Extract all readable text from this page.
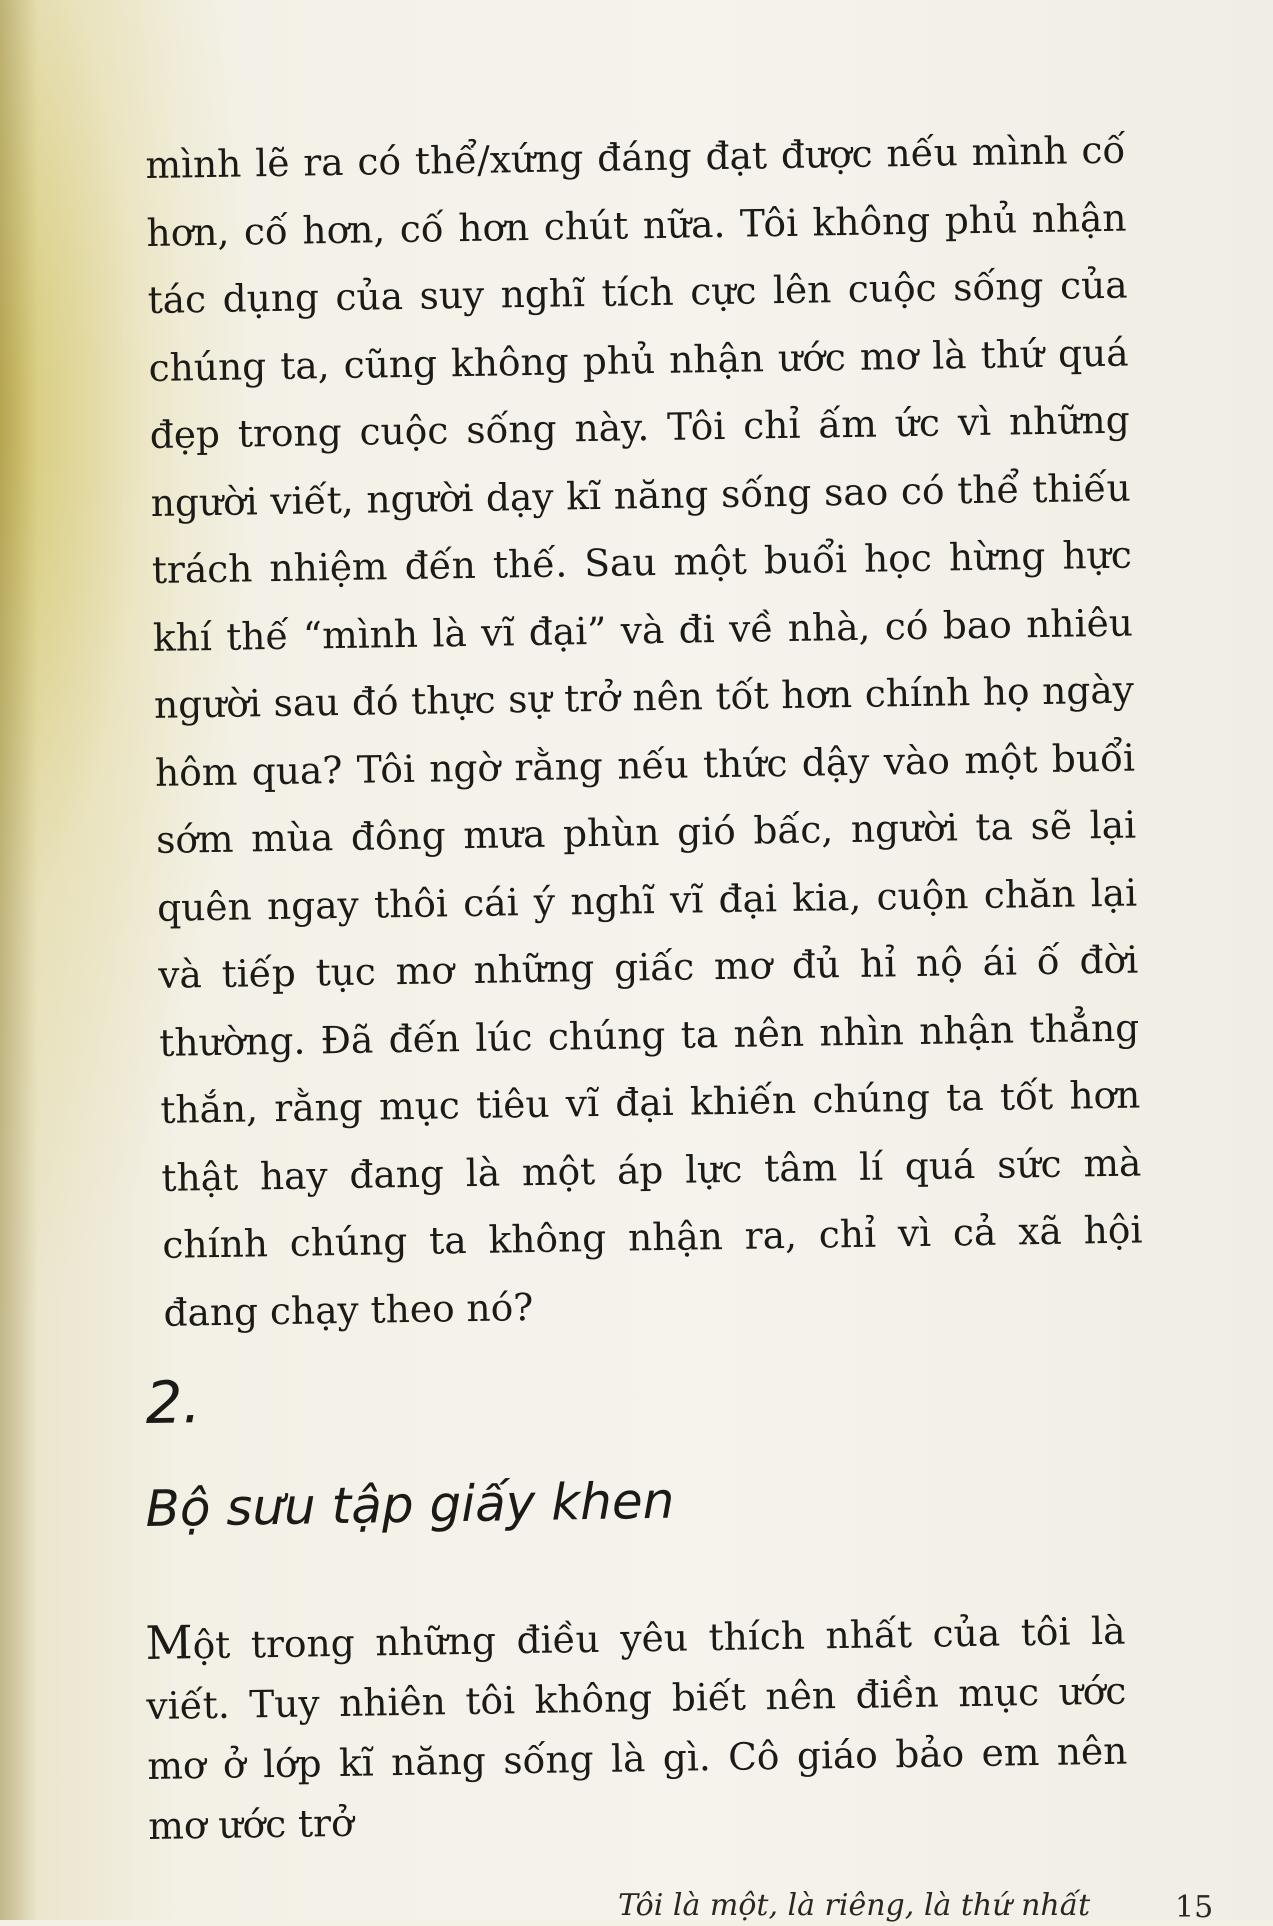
mình lẽ ra có thể/xứng đáng đạt được nếu mình cố hơn, cố hơn, cố hơn chút nữa. Tôi không phủ nhận tác dụng của suy nghĩ tích cực lên cuộc sống của chúng ta, cũng không phủ nhận ước mơ là thứ quá đẹp trong cuộc sống này. Tôi chỉ ấm ức vì những người viết, người dạy kĩ năng sống sao có thể thiếu trách nhiệm đến thế. Sau một buổi học hừng hực khí thế “mình là vĩ đại” và đi về nhà, có bao nhiêu người sau đó thực sự trở nên tốt hơn chính họ ngày hôm qua? Tôi ngờ rằng nếu thức dậy vào một buổi sớm mùa đông mưa phùn gió bấc, người ta sẽ lại quên ngay thôi cái ý nghĩ vĩ đại kia, cuộn chăn lại và tiếp tục mơ những giấc mơ đủ hỉ nộ ái ố đời thường. Đã đến lúc chúng ta nên nhìn nhận thẳng thắn, rằng mục tiêu vĩ đại khiến chúng ta tốt hơn thật hay đang là một áp lực tâm lí quá sức mà chính chúng ta không nhận ra, chỉ vì cả xã hội đang chạy theo nó?

2.
Bộ sưu tập giấy khen

Một trong những điều yêu thích nhất của tôi là viết. Tuy nhiên tôi không biết nên điền mục ước mơ ở lớp kĩ năng sống là gì. Cô giáo bảo em nên mơ ước trở

Tôi là một, là riêng, là thứ nhất	15
